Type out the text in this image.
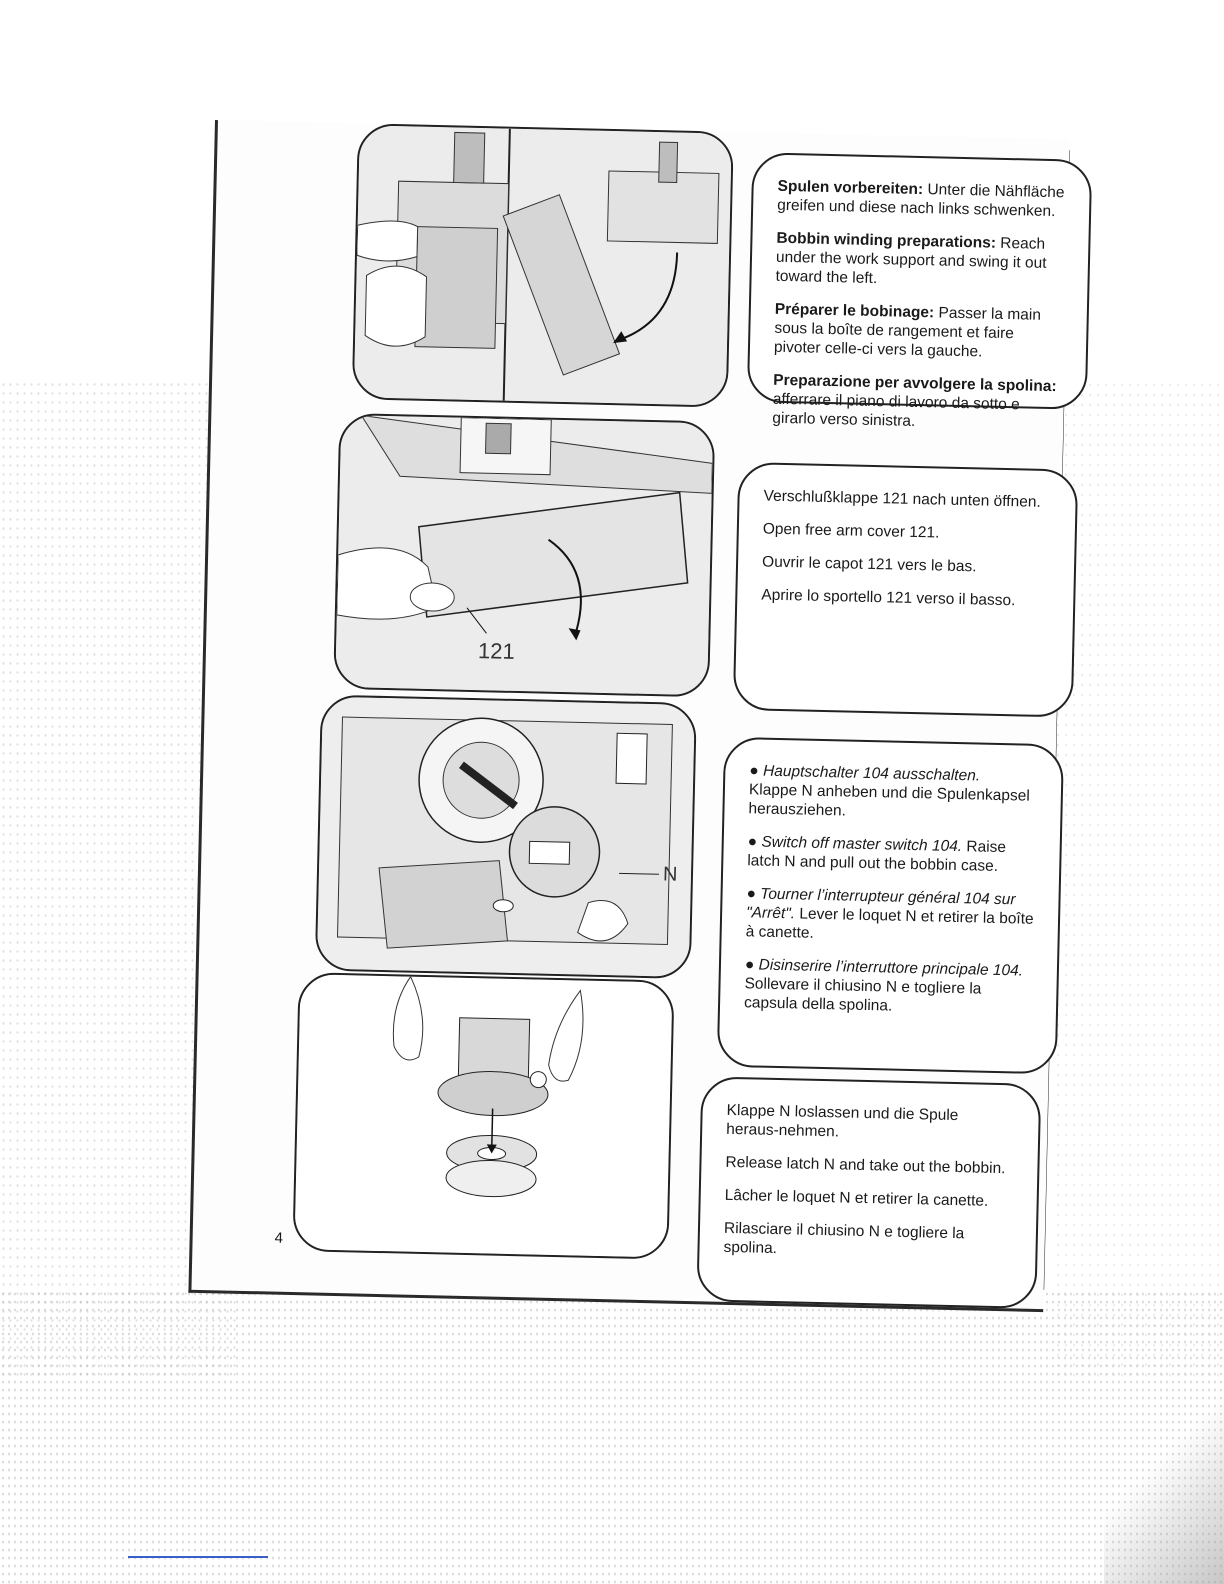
Spulen vorbereiten: Unter die Nähfläche greifen und diese nach links schwenken.

Bobbin winding preparations: Reach under the work support and swing it out toward the left.

Préparer le bobinage: Passer la main sous la boîte de rangement et faire pivoter celle-ci vers la gauche.

Preparazione per avvolgere la spolina: afferrare il piano di lavoro da sotto e girarlo verso sinistra.

121

Verschlußklappe 121 nach unten öffnen.

Open free arm cover 121.

Ouvrir le capot 121 vers le bas.

Aprire lo sportello 121 verso il basso.

N

● Hauptschalter 104 ausschalten.
Klappe N anheben und die Spulenkapsel herausziehen.

● Switch off master switch 104. Raise latch N and pull out the bobbin case.

● Tourner l’interrupteur général 104 sur "Arrêt". Lever le loquet N et retirer la boîte à canette.

● Disinserire l’interruttore principale 104.
Sollevare il chiusino N e togliere la capsula della spolina.

Klappe N loslassen und die Spule heraus-nehmen.

Release latch N and take out the bobbin.

Lâcher le loquet N et retirer la canette.

Rilasciare il chiusino N e togliere la spolina.

4
